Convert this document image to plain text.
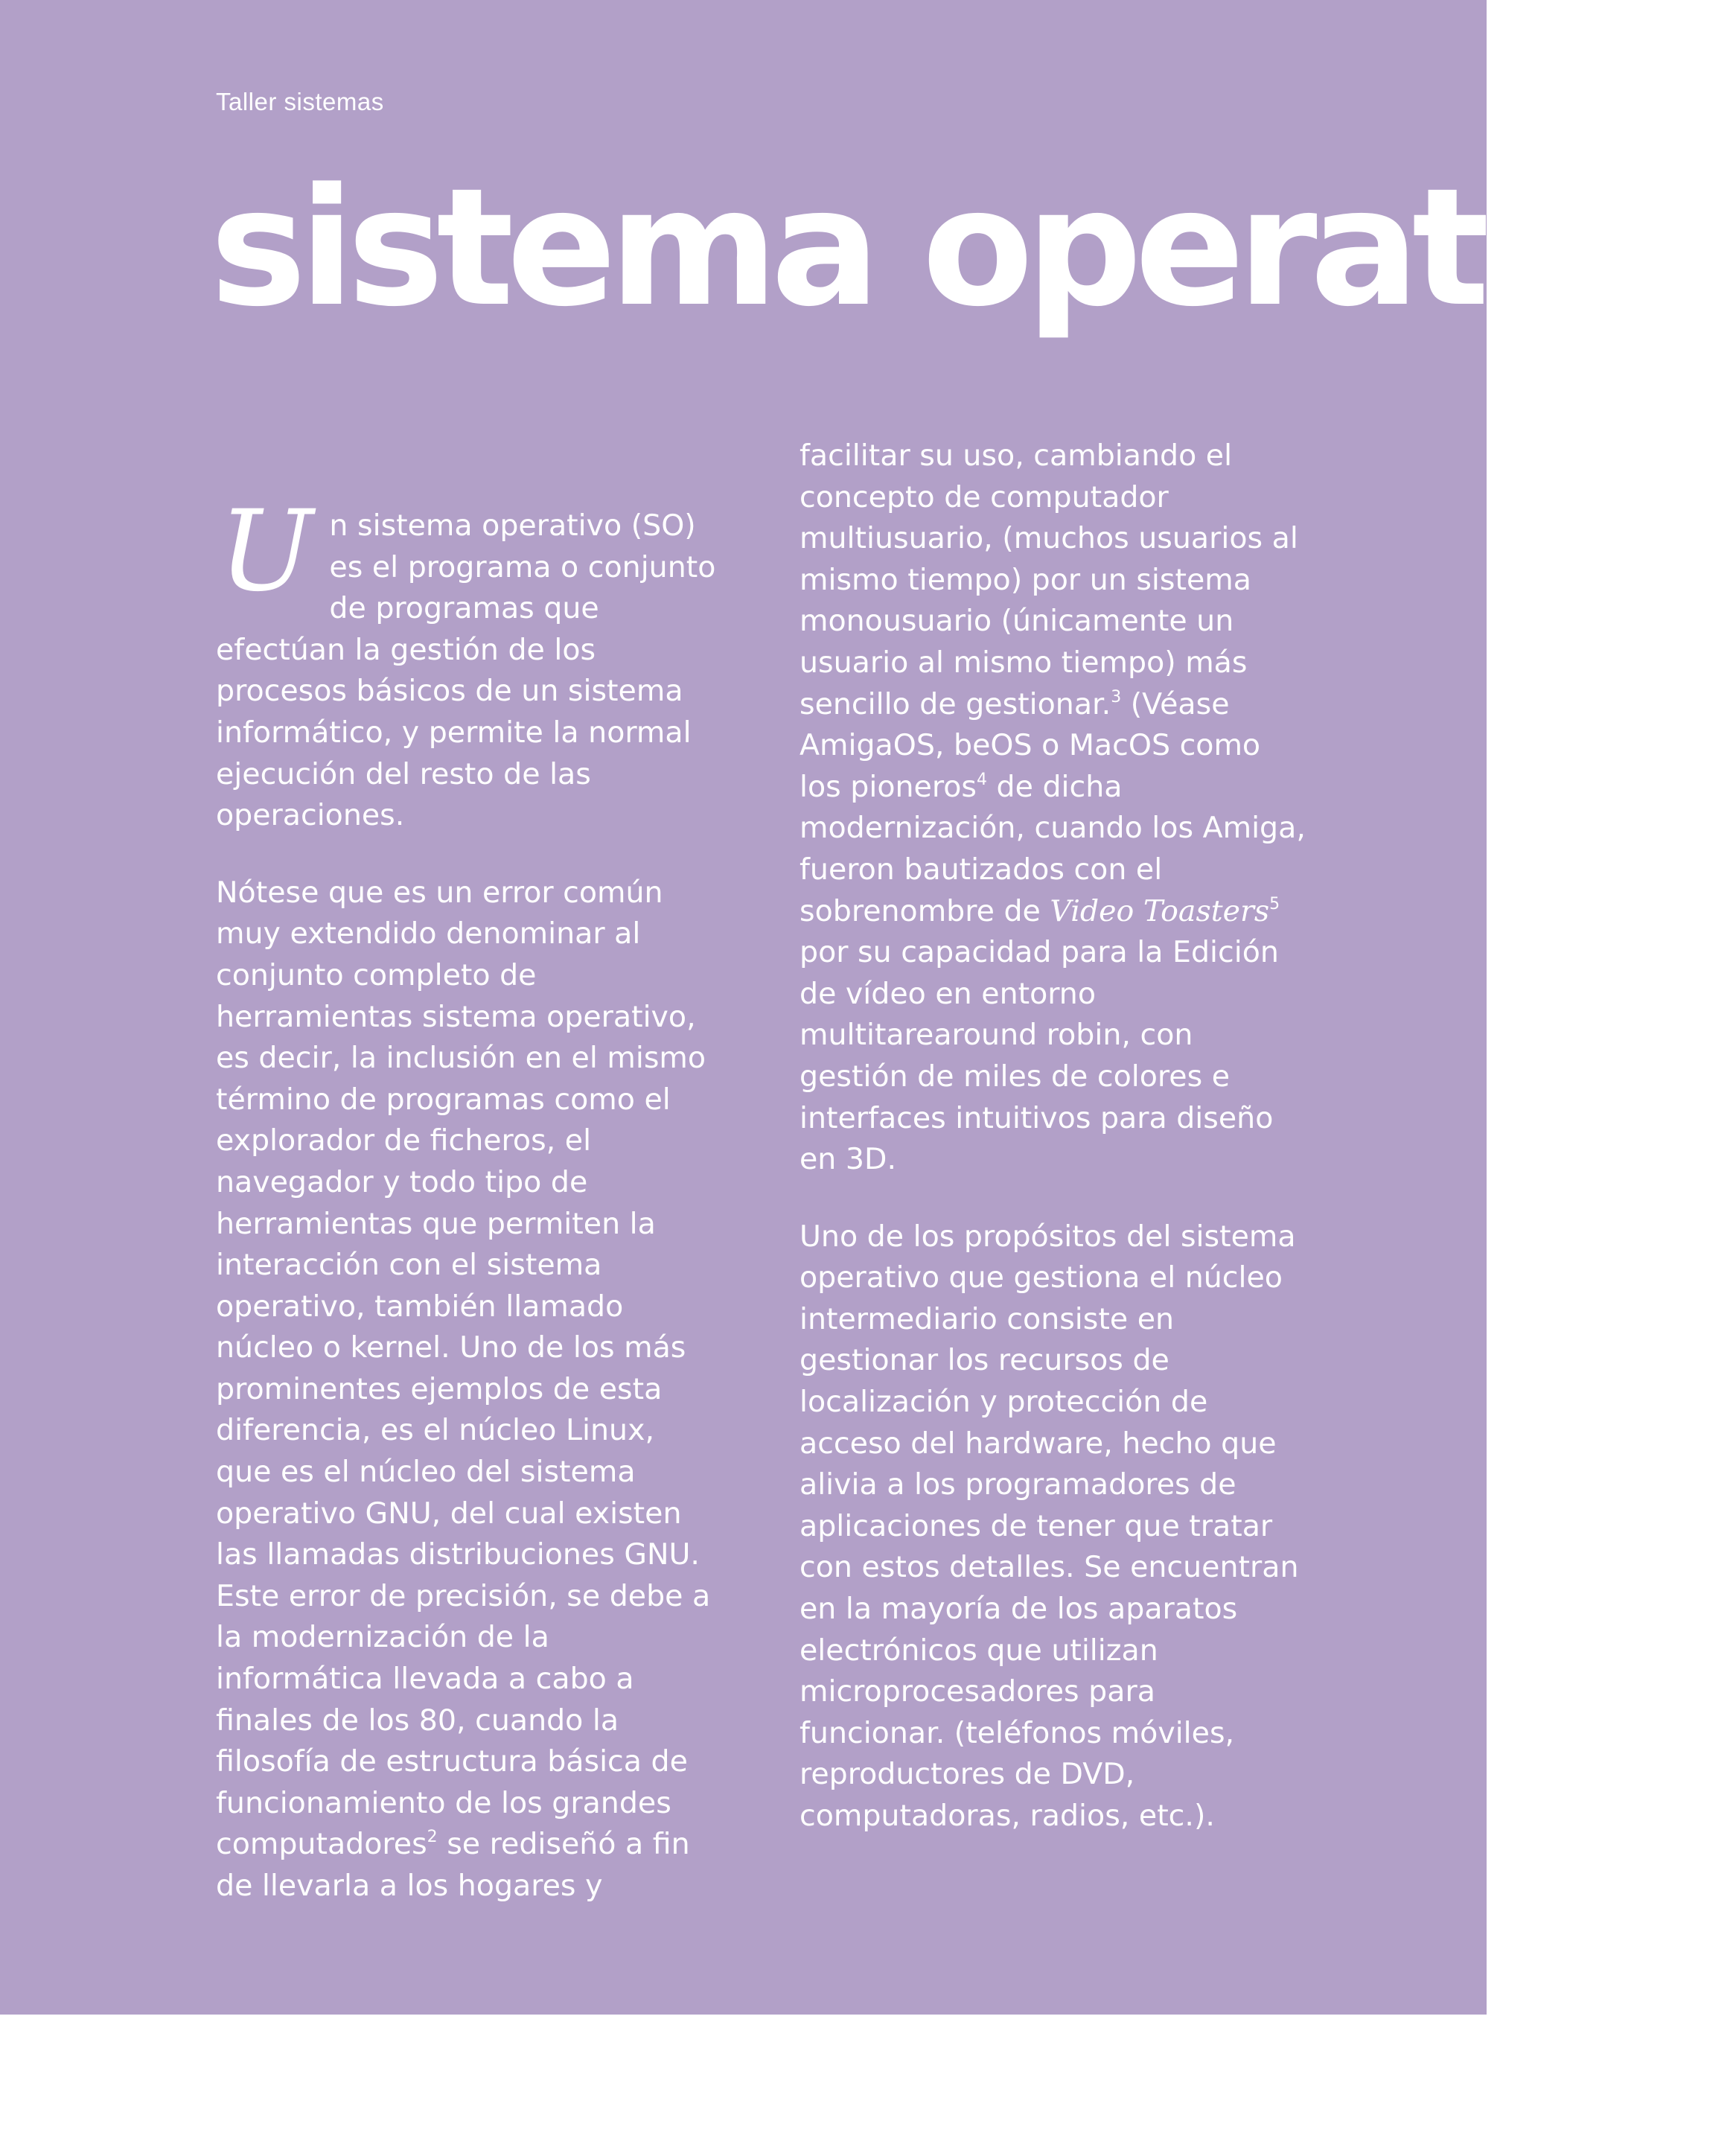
Taller sistemas
sistema operativo

Un sistema operativo (SO) es el programa o conjunto de programas que efectúan la gestión de los procesos básicos de un sistema informático, y permite la normal ejecución del resto de las operaciones.

Nótese que es un error común muy extendido denominar al conjunto completo de herramientas sistema operativo, es decir, la inclusión en el mismo término de programas como el explorador de ficheros, el navegador y todo tipo de herramientas que permiten la interacción con el sistema operativo, también llamado núcleo o kernel. Uno de los más prominentes ejemplos de esta diferencia, es el núcleo Linux, que es el núcleo del sistema operativo GNU, del cual existen las llamadas distribuciones GNU. Este error de precisión, se debe a la modernización de la informática llevada a cabo a finales de los 80, cuando la filosofía de estructura básica de funcionamiento de los grandes computadores$^2$ se rediseñó a fin de llevarla a los hogares y

facilitar su uso, cambiando el concepto de computador multiusuario, (muchos usuarios al mismo tiempo) por un sistema monousuario (únicamente un usuario al mismo tiempo) más sencillo de gestionar.$^3$ (Véase AmigaOS, beOS o MacOS como los pioneros$^4$ de dicha modernización, cuando los Amiga, fueron bautizados con el sobrenombre de Video Toasters$^5$ por su capacidad para la Edición de vídeo en entorno multitarearound robin, con gestión de miles de colores e interfaces intuitivos para diseño en 3D.

Uno de los propósitos del sistema operativo que gestiona el núcleo intermediario consiste en gestionar los recursos de localización y protección de acceso del hardware, hecho que alivia a los programadores de aplicaciones de tener que tratar con estos detalles. Se encuentran en la mayoría de los aparatos electrónicos que utilizan microprocesadores para funcionar. (teléfonos móviles, reproductores de DVD, computadoras, radios, etc.).
